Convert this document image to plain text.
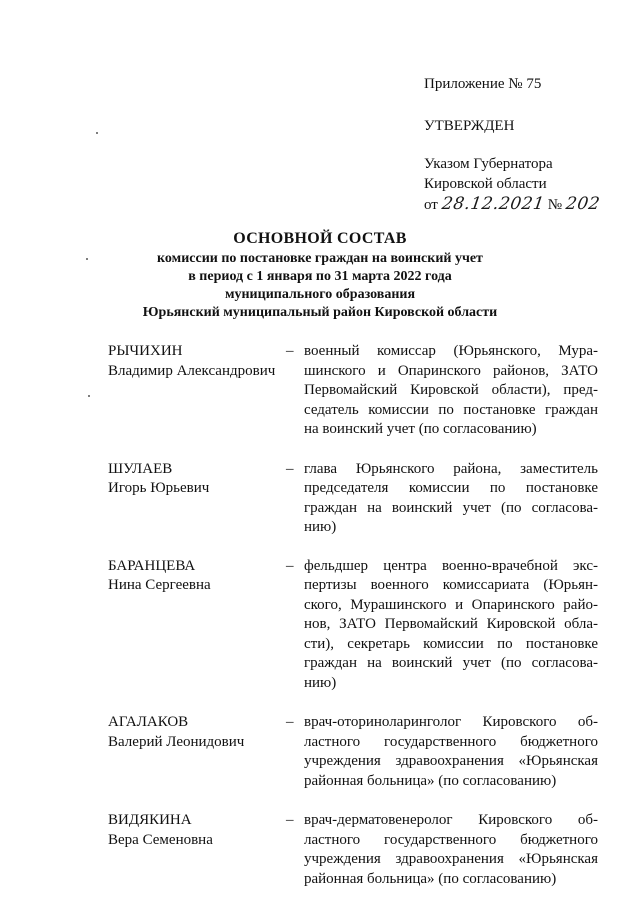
Приложение № 75
УТВЕРЖДЕН
Указом Губернатора
Кировской области
от 28.12.2021 № 202
ОСНОВНОЙ СОСТАВ
комиссии по постановке граждан на воинский учет
в период с 1 января по 31 марта 2022 года
муниципального образования
Юрьянский муниципальный район Кировской области
РЫЧИХИН
Владимир Александрович
– военный комиссар (Юрьянского, Мура-
шинского и Опаринского районов, ЗАТО
Первомайский Кировской области), пред-
седатель комиссии по постановке граждан
на воинский учет (по согласованию)
ШУЛАЕВ
Игорь Юрьевич
– глава Юрьянского района, заместитель
председателя комиссии по постановке
граждан на воинский учет (по согласова-
нию)
БАРАНЦЕВА
Нина Сергеевна
– фельдшер центра военно-врачебной экс-
пертизы военного комиссариата (Юрьян-
ского, Мурашинского и Опаринского райо-
нов, ЗАТО Первомайский Кировской обла-
сти), секретарь комиссии по постановке
граждан на воинский учет (по согласова-
нию)
АГАЛАКОВ
Валерий Леонидович
– врач-оториноларинголог Кировского об-
ластного государственного бюджетного
учреждения здравоохранения «Юрьянская
районная больница» (по согласованию)
ВИДЯКИНА
Вера Семеновна
– врач-дерматовенеролог Кировского об-
ластного государственного бюджетного
учреждения здравоохранения «Юрьянская
районная больница» (по согласованию)
